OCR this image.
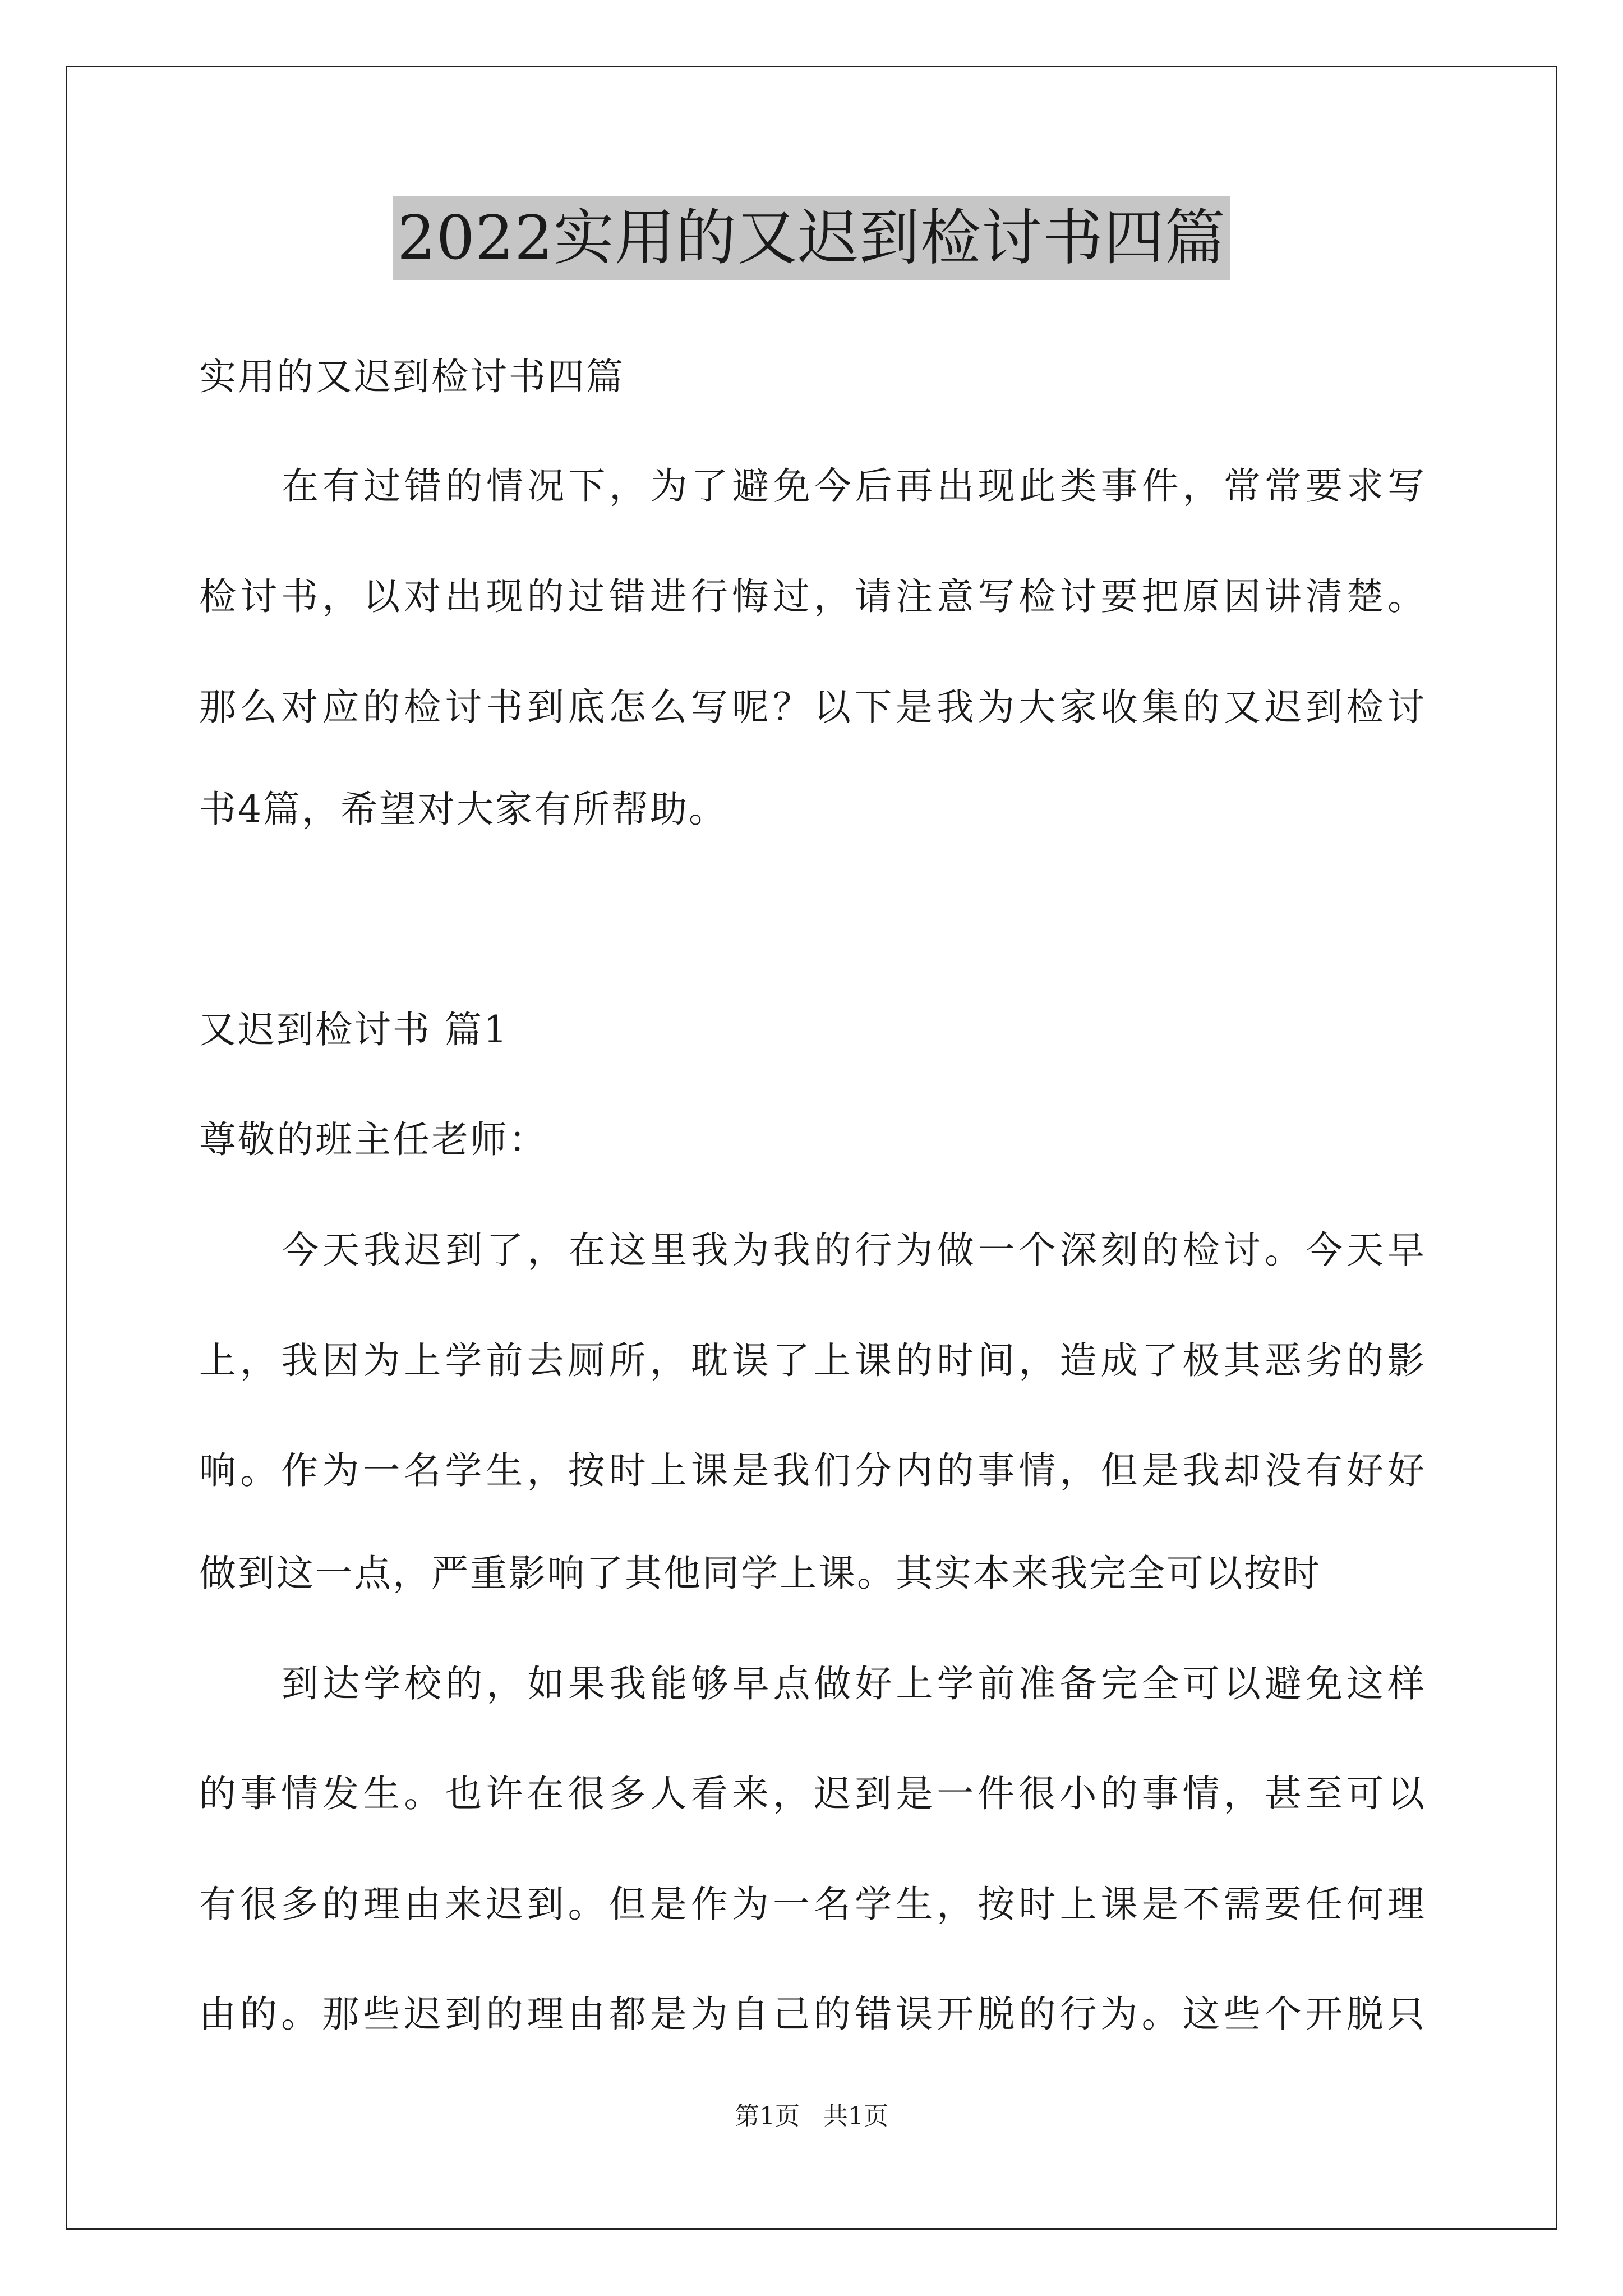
2022实用的又迟到检讨书四篇
实用的又迟到检讨书四篇
在有过错的情况下，为了避免今后再出现此类事件，常常要求写
检讨书，以对出现的过错进行悔过，请注意写检讨要把原因讲清楚。
那么对应的检讨书到底怎么写呢？以下是我为大家收集的又迟到检讨
书4篇，希望对大家有所帮助。
又迟到检讨书 篇1
尊敬的班主任老师：
今天我迟到了，在这里我为我的行为做一个深刻的检讨。今天早
上，我因为上学前去厕所，耽误了上课的时间，造成了极其恶劣的影
响。作为一名学生，按时上课是我们分内的事情，但是我却没有好好
做到这一点，严重影响了其他同学上课。其实本来我完全可以按时
到达学校的，如果我能够早点做好上学前准备完全可以避免这样
的事情发生。也许在很多人看来，迟到是一件很小的事情，甚至可以
有很多的理由来迟到。但是作为一名学生，按时上课是不需要任何理
由的。那些迟到的理由都是为自己的错误开脱的行为。这些个开脱只
第1页 共1页
